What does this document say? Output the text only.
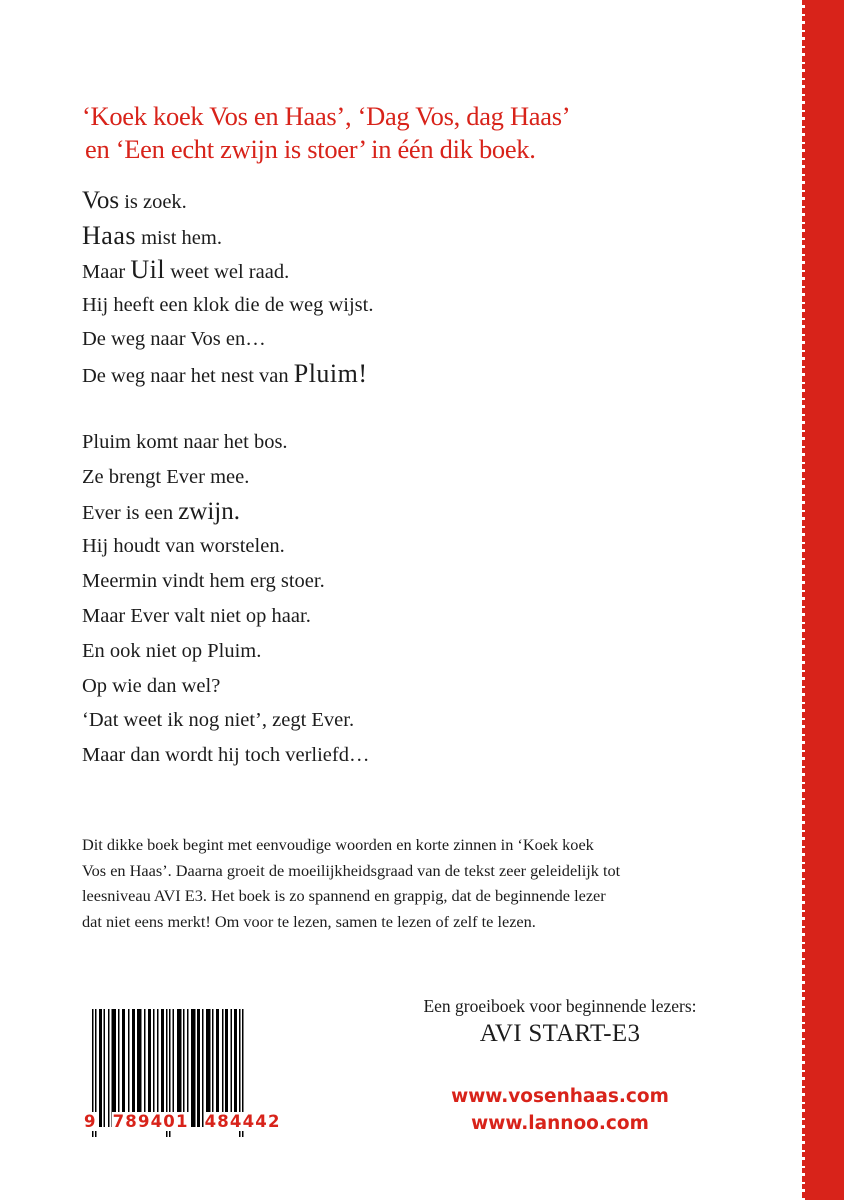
‘Koek koek Vos en Haas’, ‘Dag Vos, dag Haas’
en ‘Een echt zwijn is stoer’ in één dik boek.
Vos is zoek.
Haas mist hem.
Maar Uil weet wel raad.
Hij heeft een klok die de weg wijst.
De weg naar Vos en…
De weg naar het nest van Pluim!
Pluim komt naar het bos.
Ze brengt Ever mee.
Ever is een zwijn.
Hij houdt van worstelen.
Meermin vindt hem erg stoer.
Maar Ever valt niet op haar.
En ook niet op Pluim.
Op wie dan wel?
‘Dat weet ik nog niet’, zegt Ever.
Maar dan wordt hij toch verliefd…
Dit dikke boek begint met eenvoudige woorden en korte zinnen in ‘Koek koek
Vos en Haas’. Daarna groeit de moeilijkheidsgraad van de tekst zeer geleidelijk tot
leesniveau AVI E3. Het boek is zo spannend en grappig, dat de beginnende lezer
dat niet eens merkt! Om voor te lezen, samen te lezen of zelf te lezen.
9 789401 484442
Een groeiboek voor beginnende lezers:
AVI START-E3
www.vosenhaas.com
www.lannoo.com
